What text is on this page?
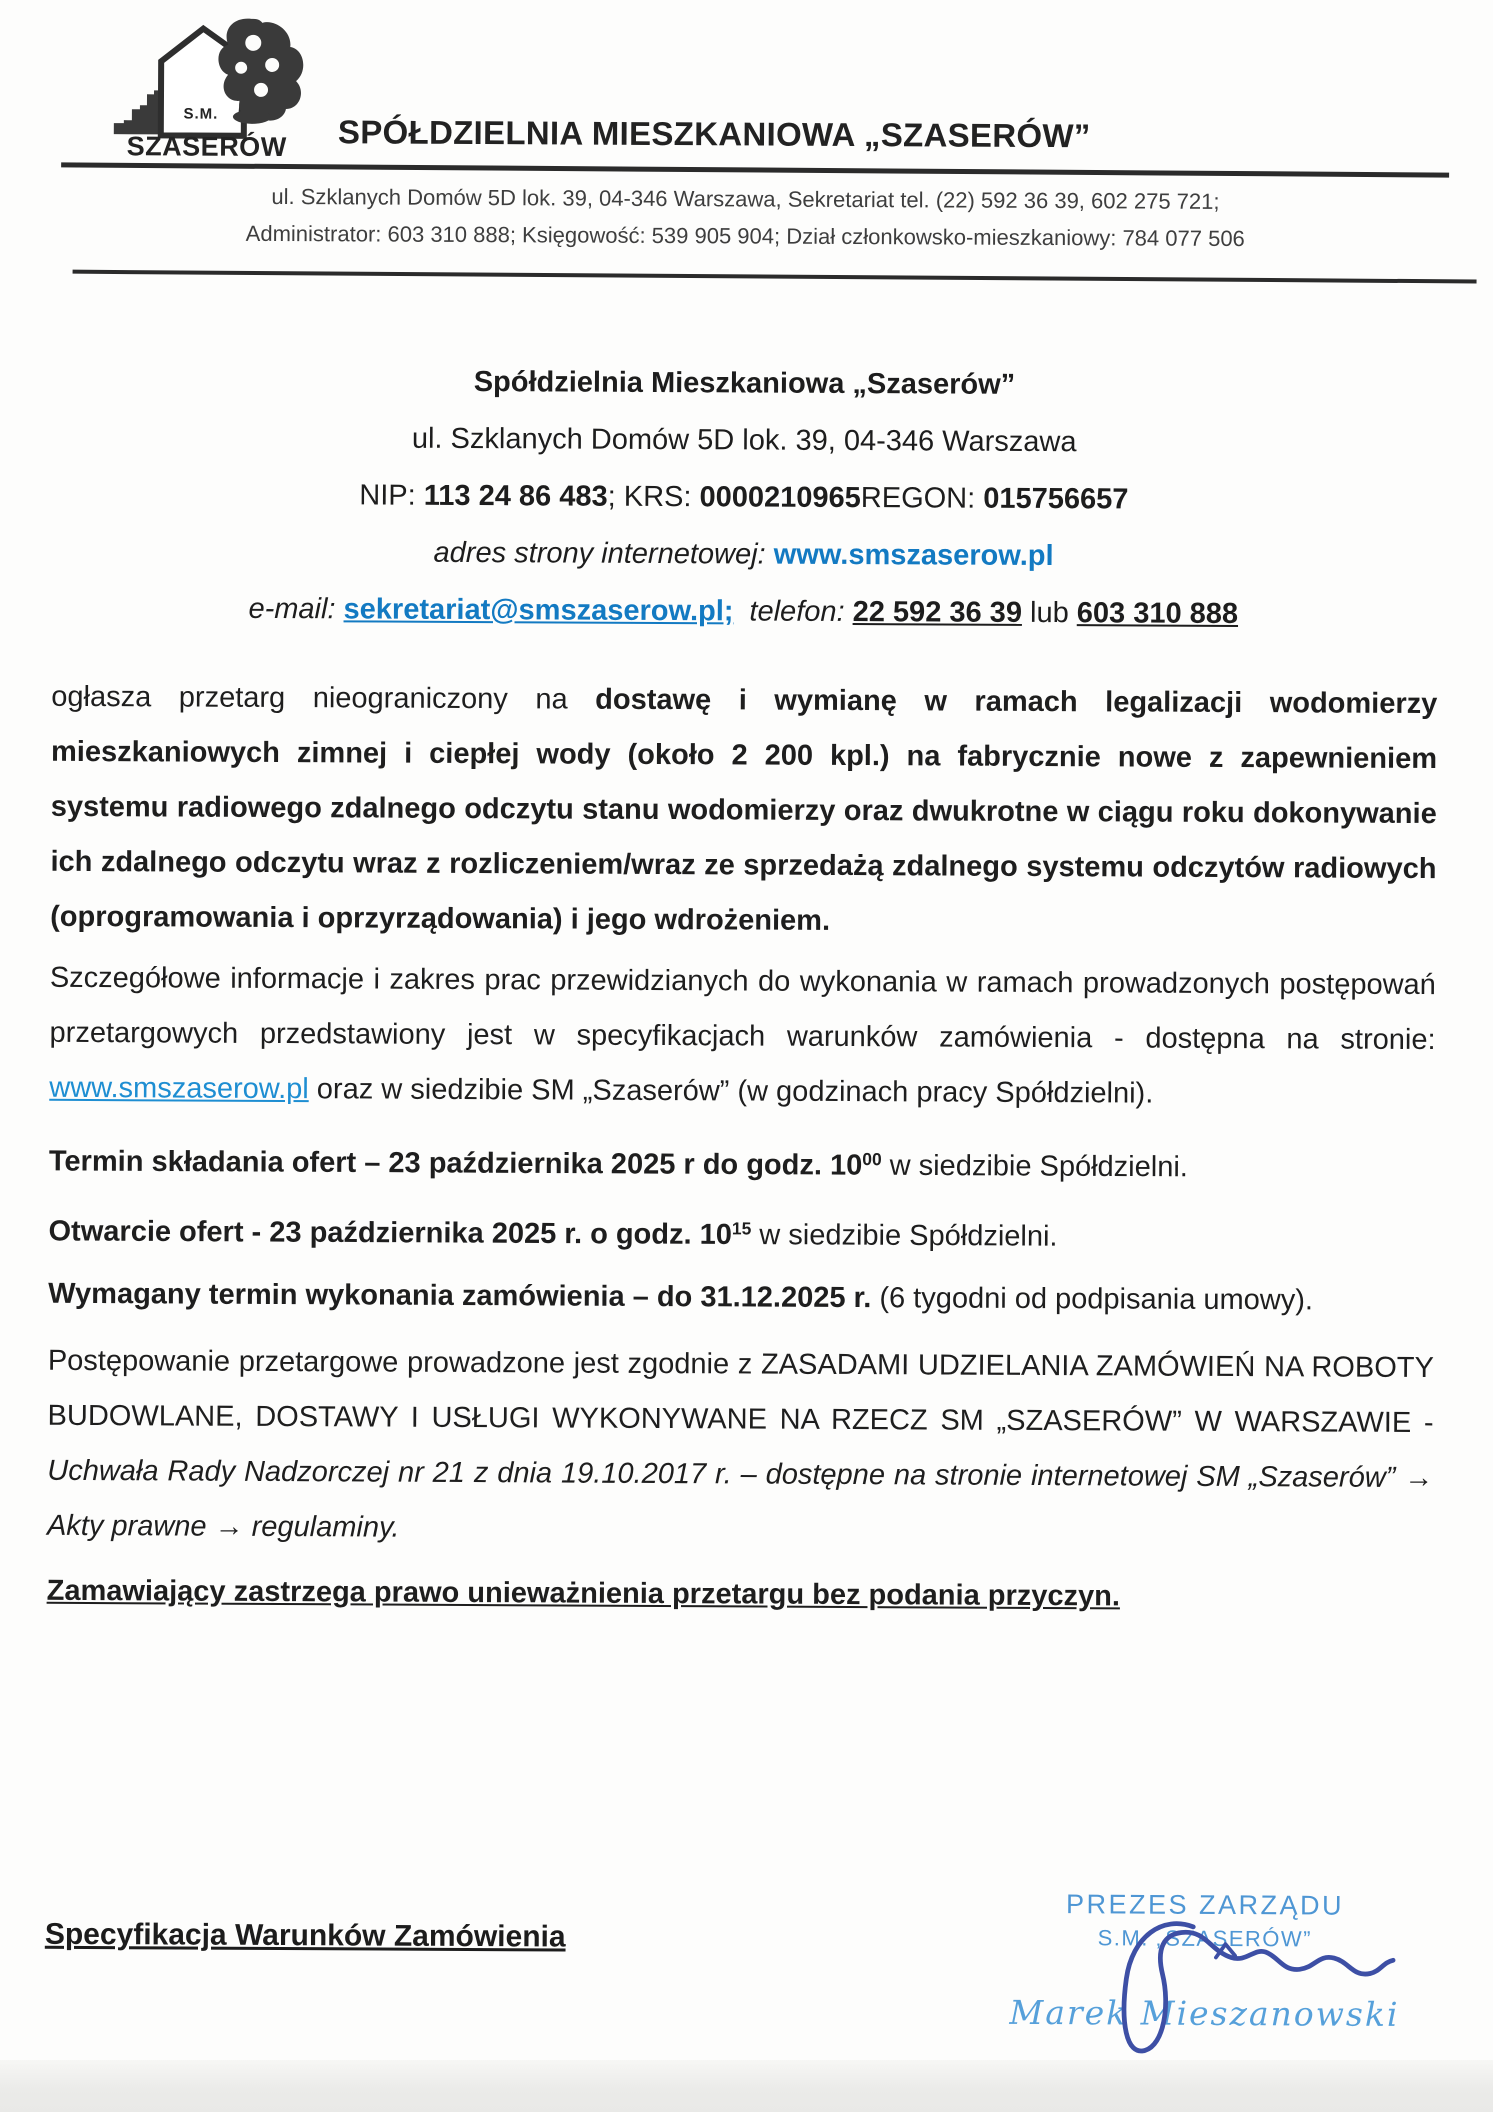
S.M.
SZASERÓW	SPÓŁDZIELNIA MIESZKANIOWA „SZASERÓW”
ul. Szklanych Domów 5D lok. 39, 04-346 Warszawa, Sekretariat tel. (22) 592 36 39, 602 275 721;
Administrator: 603 310 888; Księgowość: 539 905 904; Dział członkowsko-mieszkaniowy: 784 077 506
Spółdzielnia Mieszkaniowa „Szaserów”
ul. Szklanych Domów 5D lok. 39, 04-346 Warszawa
NIP: 113 24 86 483; KRS: 0000210965REGON: 015756657
adres strony internetowej: www.smszaserow.pl
e-mail: sekretariat@smszaserow.pl; telefon: 22 592 36 39 lub 603 310 888

ogłasza przetarg nieograniczony na dostawę i wymianę w ramach legalizacji wodomierzy mieszkaniowych zimnej i ciepłej wody (około 2 200 kpl.) na fabrycznie nowe z zapewnieniem systemu radiowego zdalnego odczytu stanu wodomierzy oraz dwukrotne w ciągu roku dokonywanie ich zdalnego odczytu wraz z rozliczeniem/wraz ze sprzedażą zdalnego systemu odczytów radiowych (oprogramowania i oprzyrządowania) i jego wdrożeniem.

Szczegółowe informacje i zakres prac przewidzianych do wykonania w ramach prowadzonych postępowań przetargowych przedstawiony jest w specyfikacjach warunków zamówienia - dostępna na stronie: www.smszaserow.pl oraz w siedzibie SM „Szaserów” (w godzinach pracy Spółdzielni).

Termin składania ofert – 23 października 2025 r do godz. $10^{00}$ w siedzibie Spółdzielni.

Otwarcie ofert - 23 października 2025 r. o godz. $10^{15}$ w siedzibie Spółdzielni.

Wymagany termin wykonania zamówienia – do 31.12.2025 r. (6 tygodni od podpisania umowy).

Postępowanie przetargowe prowadzone jest zgodnie z ZASADAMI UDZIELANIA ZAMÓWIEŃ NA ROBOTY BUDOWLANE, DOSTAWY I USŁUGI WYKONYWANE NA RZECZ SM „SZASERÓW” W WARSZAWIE - Uchwała Rady Nadzorczej nr 21 z dnia 19.10.2017 r. – dostępne na stronie internetowej SM „Szaserów” → Akty prawne → regulaminy.

Zamawiający zastrzega prawo unieważnienia przetargu bez podania przyczyn.

Specyfikacja Warunków Zamówienia
PREZES ZARZĄDU
S.M. „SZASERÓW”
Marek Mieszanowski
